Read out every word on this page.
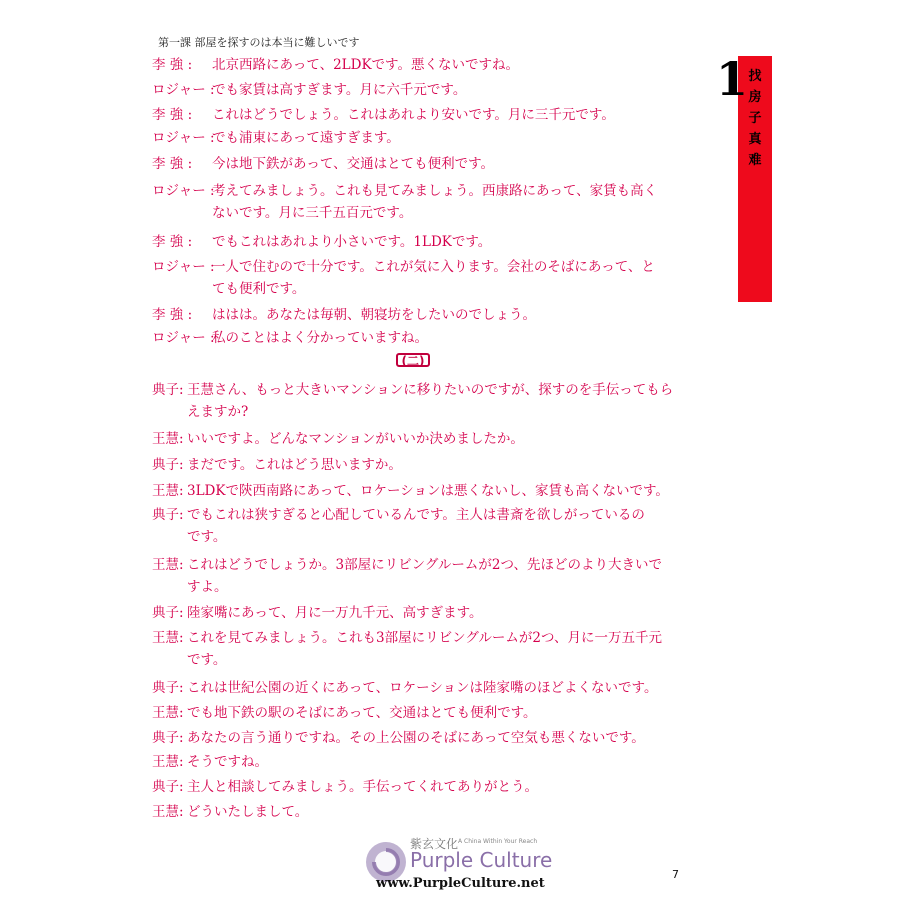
第一課 部屋を探すのは本当に難しいです
1 找
房
子
真
难
李 強 : 北京西路にあって、2LDKです。悪くないですね。
ロジャー :
でも家賃は高すぎます。月に六千元です。
李 強 : これはどうでしょう。これはあれより安いです。月に三千元です。
ロジャー :
でも浦東にあって遠すぎます。
李 強 : 今は地下鉄があって、交通はとても便利です。
ロジャー :
考えてみましょう。これも見てみましょう。西康路にあって、家賃も高く
ないです。月に三千五百元です。
李 強 : でもこれはあれより小さいです。1LDKです。
ロジャー :
一人で住むので十分です。これが気に入ります。会社のそばにあって、と
ても便利です。
李 強 : ははは。あなたは毎朝、朝寝坊をしたいのでしょう。
ロジャー :
私のことはよく分かっていますね。
典子: 王慧さん、もっと大きいマンションに移りたいのですが、探すのを手伝ってもら
えますか?
王慧: いいですよ。どんなマンションがいいか決めましたか。
典子: まだです。これはどう思いますか。
王慧: 3LDKで陝西南路にあって、ロケーションは悪くないし、家賃も高くないです。
典子: でもこれは狭すぎると心配しているんです。主人は書斎を欲しがっているの
です。
王慧: これはどうでしょうか。3部屋にリビングルームが2つ、先ほどのより大きいで
すよ。
典子: 陸家嘴にあって、月に一万九千元、高すぎます。
王慧: これを見てみましょう。これも3部屋にリビングルームが2つ、月に一万五千元
です。
典子: これは世紀公園の近くにあって、ロケーションは陸家嘴のほどよくないです。
王慧: でも地下鉄の駅のそばにあって、交通はとても便利です。
典子: あなたの言う通りですね。その上公園のそばにあって空気も悪くないです。
王慧: そうですね。
典子: 主人と相談してみましょう。手伝ってくれてありがとう。
王慧: どういたしまして。
(二)
紫玄文化 A China Within Your Reach
Purple Culture
www.PurpleCulture.net
7
